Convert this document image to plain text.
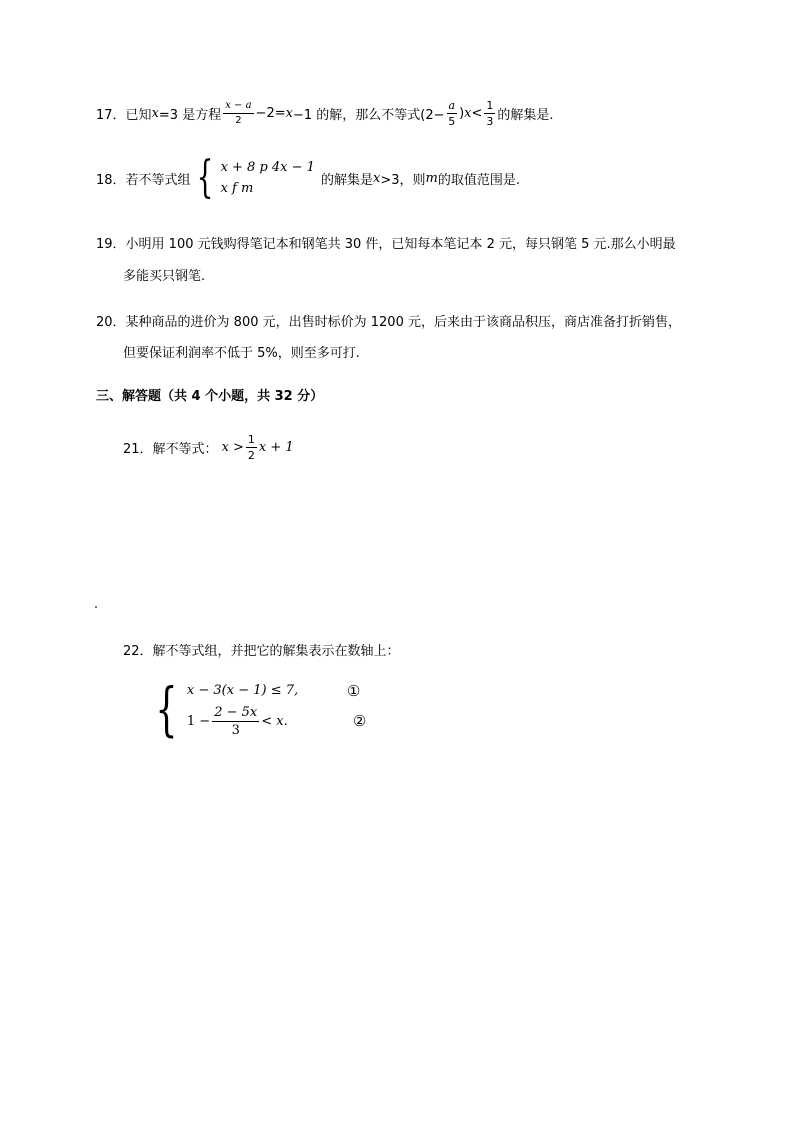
17． 已知 x =3 是方程 $\frac{x - a}{2} -2= x -1$ 的解，那么不等式($2- \frac{a}{5}$ ) $x < \frac{1}{3}$ 的解集是.
18． 若不等式组 { x + 8 p 4x − 1
x f m
的解集是 x >3，则 m 的取值范围是.
19．小明用 100 元钱购得笔记本和钢笔共 30 件，已知每本笔记本 2 元，每只钢笔 5 元.那么小明最
多能买只钢笔.
20．某种商品的进价为 800 元，出售时标价为 1200 元，后来由于该商品积压，商店准备打折销售，
但要保证利润率不低于 5%，则至多可打.
三、解答题（共 4 个小题，共 32 分）
21． 解不等式： $x > \frac{1}{2}$ x + 1
22．解不等式组，并把它的解集表示在数轴上：
{ x − 3(x − 1) ≤ 7,	①
$1 - \frac{2 - 5x}{3} < x$.	②
